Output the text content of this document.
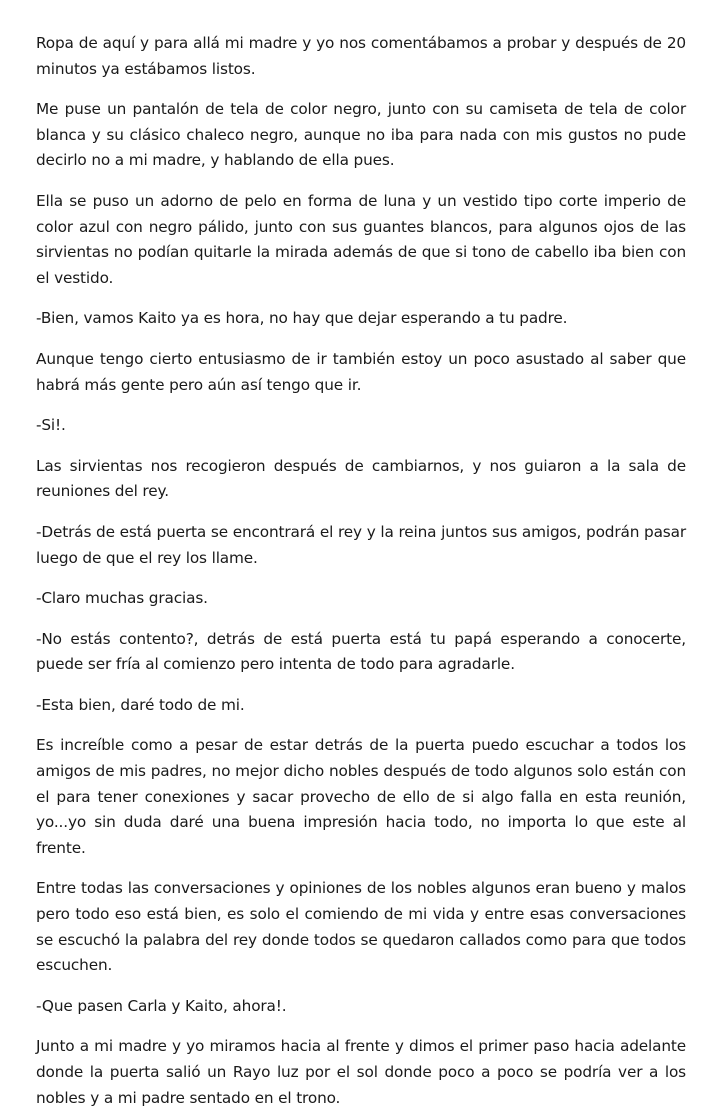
Ropa de aquí y para allá mi madre y yo nos comentábamos a probar y después de 20 minutos ya estábamos listos.

Me puse un pantalón de tela de color negro, junto con su camiseta de tela de color blanca y su clásico chaleco negro, aunque no iba para nada con mis gustos no pude decirlo no a mi madre, y hablando de ella pues.

Ella se puso un adorno de pelo en forma de luna y un vestido tipo corte imperio de color azul con negro pálido, junto con sus guantes blancos, para algunos ojos de las sirvientas no podían quitarle la mirada además de que si tono de cabello iba bien con el vestido.

-Bien, vamos Kaito ya es hora, no hay que dejar esperando a tu padre.

Aunque tengo cierto entusiasmo de ir también estoy un poco asustado al saber que habrá más gente pero aún así tengo que ir.

-Si!.

Las sirvientas nos recogieron después de cambiarnos, y nos guiaron a la sala de reuniones del rey.

-Detrás de está puerta se encontrará el rey y la reina juntos sus amigos, podrán pasar luego de que el rey los llame.

-Claro muchas gracias.

-No estás contento?, detrás de está puerta está tu papá esperando a conocerte, puede ser fría al comienzo pero intenta de todo para agradarle.

-Esta bien, daré todo de mi.

Es increíble como a pesar de estar detrás de la puerta puedo escuchar a todos los amigos de mis padres, no mejor dicho nobles después de todo algunos solo están con el para tener conexiones y sacar provecho de ello de si algo falla en esta reunión, yo...yo sin duda daré una buena impresión hacia todo, no importa lo que este al frente.

Entre todas las conversaciones y opiniones de los nobles algunos eran bueno y malos pero todo eso está bien, es solo el comiendo de mi vida y entre esas conversaciones se escuchó la palabra del rey donde todos se quedaron callados como para que todos escuchen.

-Que pasen Carla y Kaito, ahora!.

Junto a mi madre y yo miramos hacia al frente y dimos el primer paso hacia adelante donde la puerta salió un Rayo luz por el sol donde poco a poco se podría ver a los nobles y a mi padre sentado en el trono.
